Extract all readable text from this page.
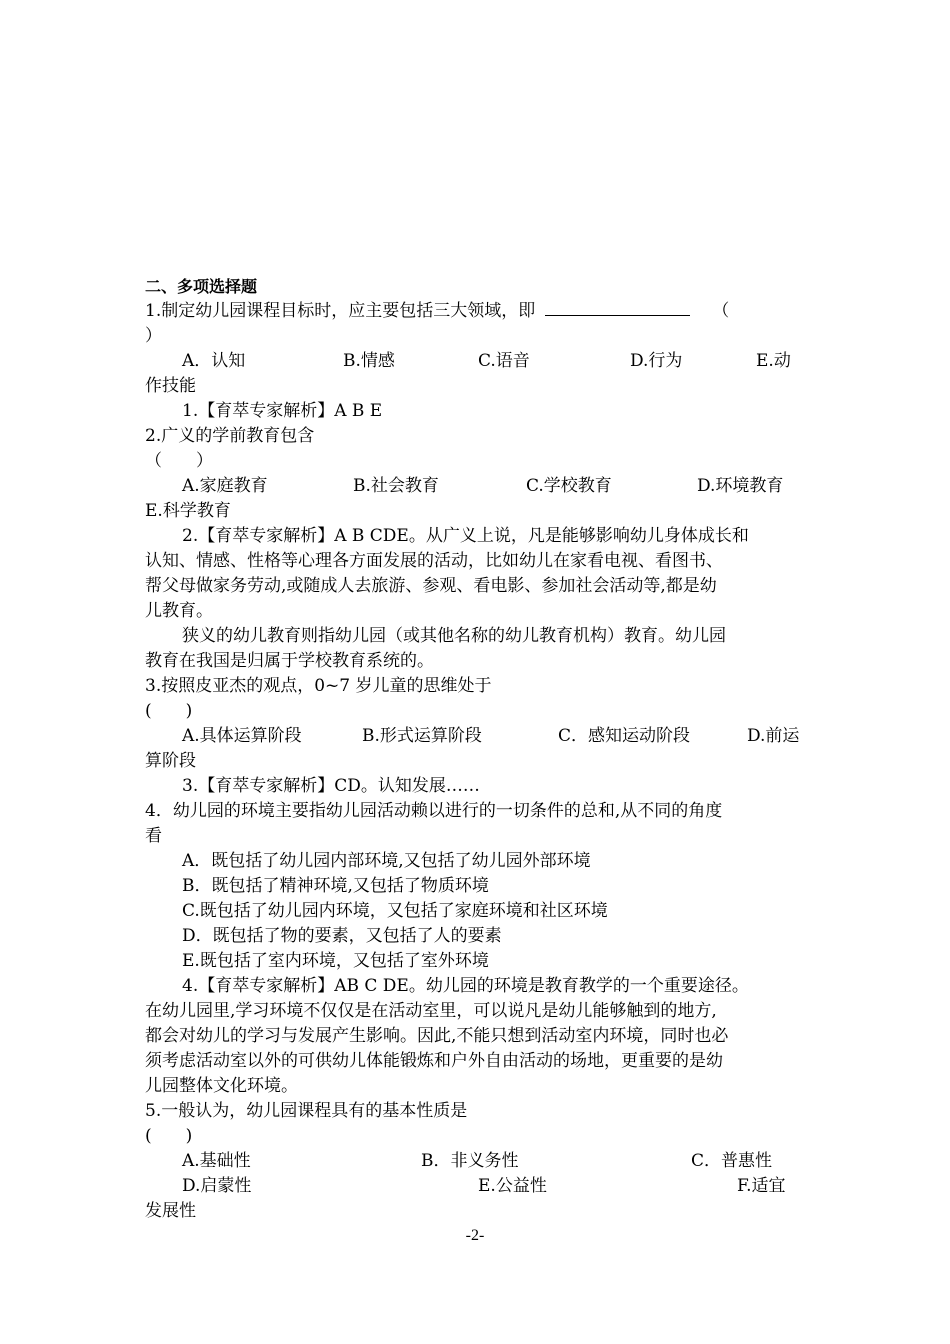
二、多项选择题
1.制定幼儿园课程目标时，应主要包括三大领域，即	（
）
A．认知	B.情感	C.语音	D.行为	E.动
作技能
1.【育萃专家解析】A B E
2.广义的学前教育包含
（　　）
A.家庭教育	B.社会教育	C.学校教育	D.环境教育
E.科学教育
2.【育萃专家解析】A B CDE。从广义上说，凡是能够影响幼儿身体成长和
认知、情感、性格等心理各方面发展的活动，比如幼儿在家看电视、看图书、
帮父母做家务劳动,或随成人去旅游、参观、看电影、参加社会活动等,都是幼
儿教育。
狭义的幼儿教育则指幼儿园（或其他名称的幼儿教育机构）教育。幼儿园
教育在我国是归属于学校教育系统的。
3.按照皮亚杰的观点，0~7 岁儿童的思维处于
(　　)
A.具体运算阶段	B.形式运算阶段	C．感知运动阶段	D.前运
算阶段
3.【育萃专家解析】CD。认知发展……
4．幼儿园的环境主要指幼儿园活动赖以进行的一切条件的总和,从不同的角度
看
A．既包括了幼儿园内部环境,又包括了幼儿园外部环境
B．既包括了精神环境,又包括了物质环境
C.既包括了幼儿园内环境，又包括了家庭环境和社区环境
D．既包括了物的要素，又包括了人的要素
E.既包括了室内环境，又包括了室外环境
4.【育萃专家解析】AB C DE。幼儿园的环境是教育教学的一个重要途径。
在幼儿园里,学习环境不仅仅是在活动室里，可以说凡是幼儿能够触到的地方,
都会对幼儿的学习与发展产生影响。因此,不能只想到活动室内环境，同时也必
须考虑活动室以外的可供幼儿体能锻炼和户外自由活动的场地，更重要的是幼
儿园整体文化环境。
5.一般认为，幼儿园课程具有的基本性质是
(　　)
A.基础性	B．非义务性	C．普惠性
D.启蒙性	E.公益性	F.适宜
发展性
-2-
